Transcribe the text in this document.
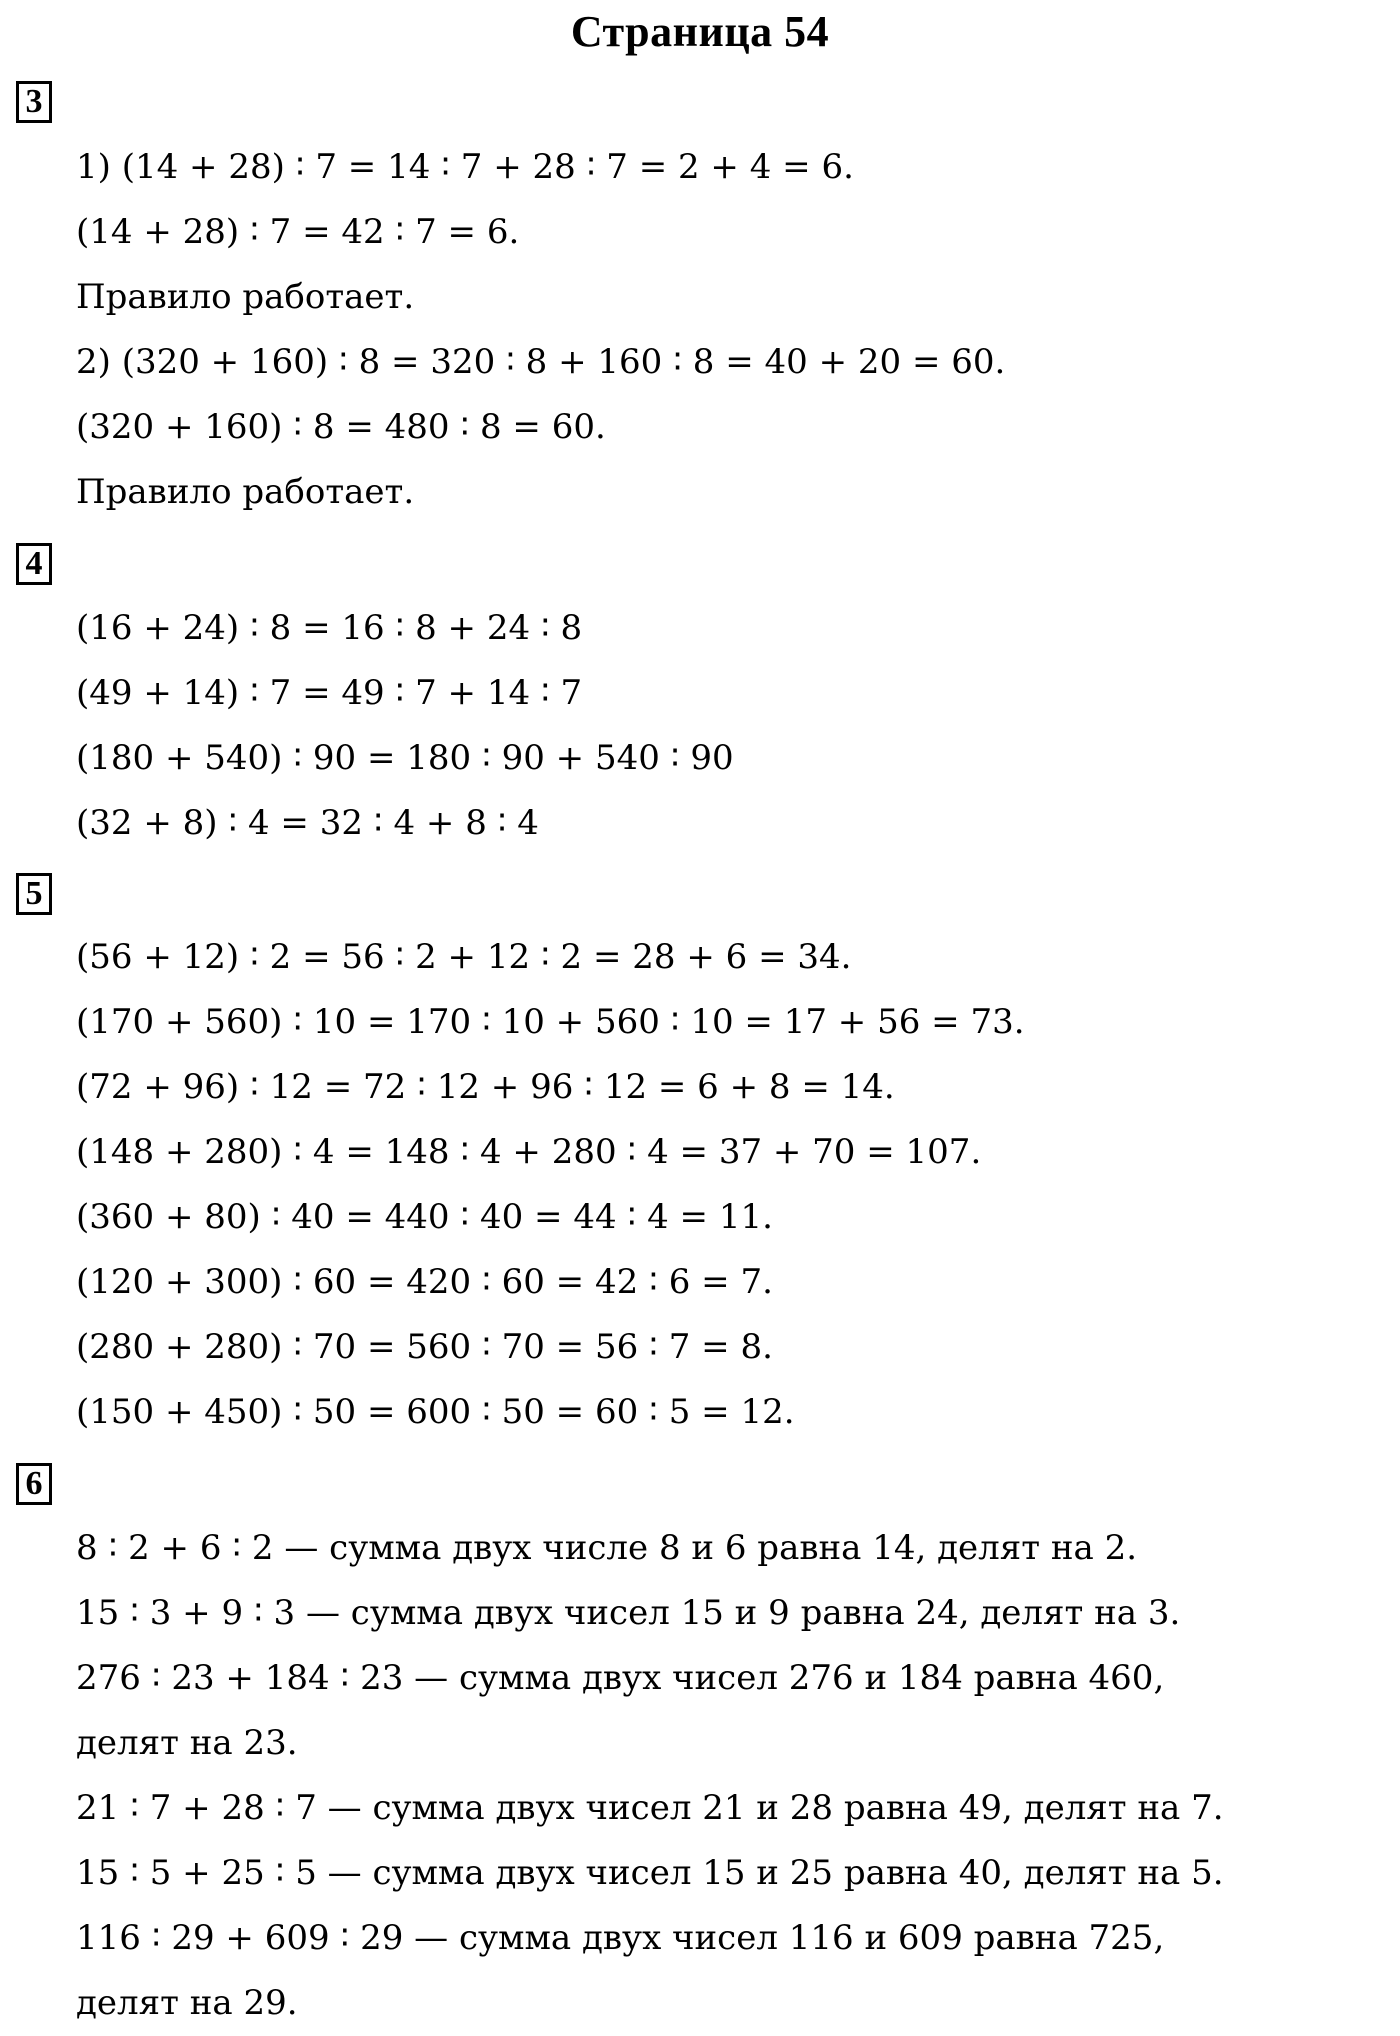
Страница 54
3
1) (14 + 28) ∶ 7 = 14 ∶ 7 + 28 ∶ 7 = 2 + 4 = 6.
(14 + 28) ∶ 7 = 42 ∶ 7 = 6.
Правило работает.
2) (320 + 160) ∶ 8 = 320 ∶ 8 + 160 ∶ 8 = 40 + 20 = 60.
(320 + 160) ∶ 8 = 480 ∶ 8 = 60.
Правило работает.
4
(16 + 24) ∶ 8 = 16 ∶ 8 + 24 ∶ 8
(49 + 14) ∶ 7 = 49 ∶ 7 + 14 ∶ 7
(180 + 540) ∶ 90 = 180 ∶ 90 + 540 ∶ 90
(32 + 8) ∶ 4 = 32 ∶ 4 + 8 ∶ 4
5
(56 + 12) ∶ 2 = 56 ∶ 2 + 12 ∶ 2 = 28 + 6 = 34.
(170 + 560) ∶ 10 = 170 ∶ 10 + 560 ∶ 10 = 17 + 56 = 73.
(72 + 96) ∶ 12 = 72 ∶ 12 + 96 ∶ 12 = 6 + 8 = 14.
(148 + 280) ∶ 4 = 148 ∶ 4 + 280 ∶ 4 = 37 + 70 = 107.
(360 + 80) ∶ 40 = 440 ∶ 40 = 44 ∶ 4 = 11.
(120 + 300) ∶ 60 = 420 ∶ 60 = 42 ∶ 6 = 7.
(280 + 280) ∶ 70 = 560 ∶ 70 = 56 ∶ 7 = 8.
(150 + 450) ∶ 50 = 600 ∶ 50 = 60 ∶ 5 = 12.
6
8 ∶ 2 + 6 ∶ 2 — сумма двух числе 8 и 6 равна 14, делят на 2.
15 ∶ 3 + 9 ∶ 3 — сумма двух чисел 15 и 9 равна 24, делят на 3.
276 ∶ 23 + 184 ∶ 23 — сумма двух чисел 276 и 184 равна 460,
делят на 23.
21 ∶ 7 + 28 ∶ 7 — сумма двух чисел 21 и 28 равна 49, делят на 7.
15 ∶ 5 + 25 ∶ 5 — сумма двух чисел 15 и 25 равна 40, делят на 5.
116 ∶ 29 + 609 ∶ 29 — сумма двух чисел 116 и 609 равна 725,
делят на 29.
